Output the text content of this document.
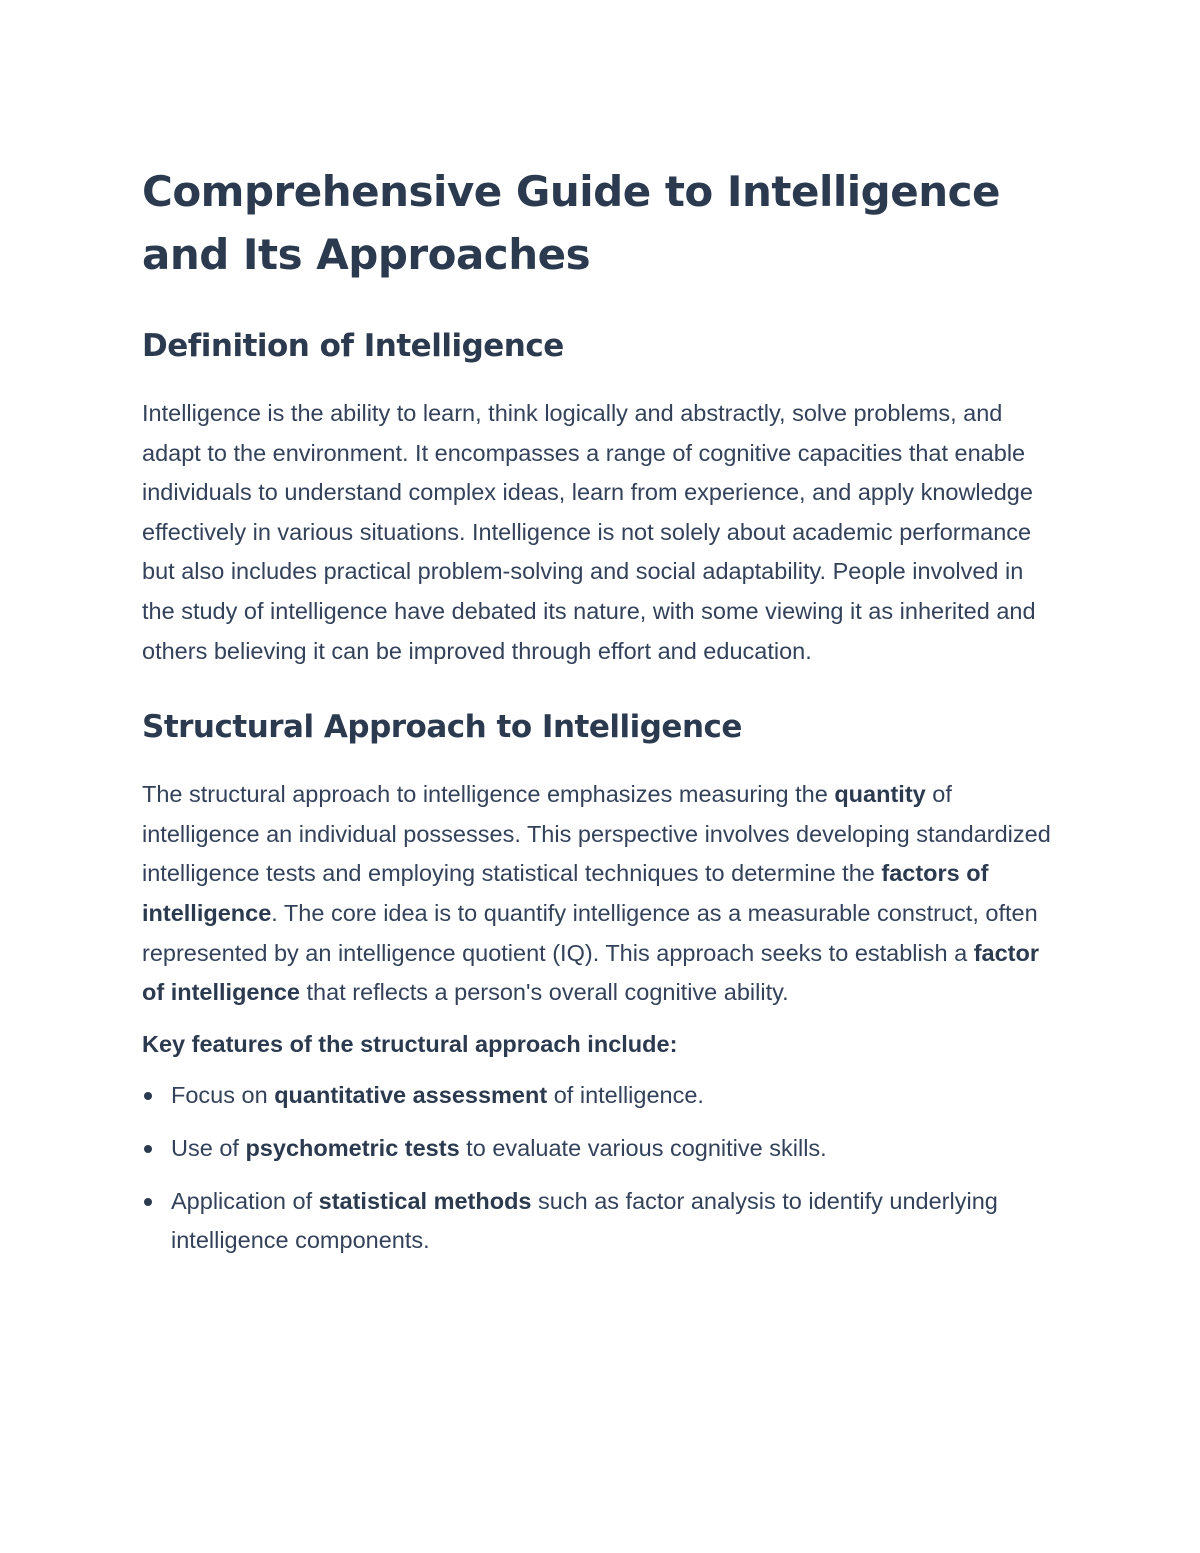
Comprehensive Guide to Intelligence and Its Approaches
Definition of Intelligence

Intelligence is the ability to learn, think logically and abstractly, solve problems, and adapt to the environment. It encompasses a range of cognitive capacities that enable individuals to understand complex ideas, learn from experience, and apply knowledge effectively in various situations. Intelligence is not solely about academic performance but also includes practical problem-solving and social adaptability. People involved in the study of intelligence have debated its nature, with some viewing it as inherited and others believing it can be improved through effort and education.

Structural Approach to Intelligence

The structural approach to intelligence emphasizes measuring the quantity of intelligence an individual possesses. This perspective involves developing standardized intelligence tests and employing statistical techniques to determine the factors of intelligence. The core idea is to quantify intelligence as a measurable construct, often represented by an intelligence quotient (IQ). This approach seeks to establish a factor of intelligence that reflects a person's overall cognitive ability.

Key features of the structural approach include:

Focus on quantitative assessment of intelligence.
Use of psychometric tests to evaluate various cognitive skills.
Application of statistical methods such as factor analysis to identify underlying intelligence components.
